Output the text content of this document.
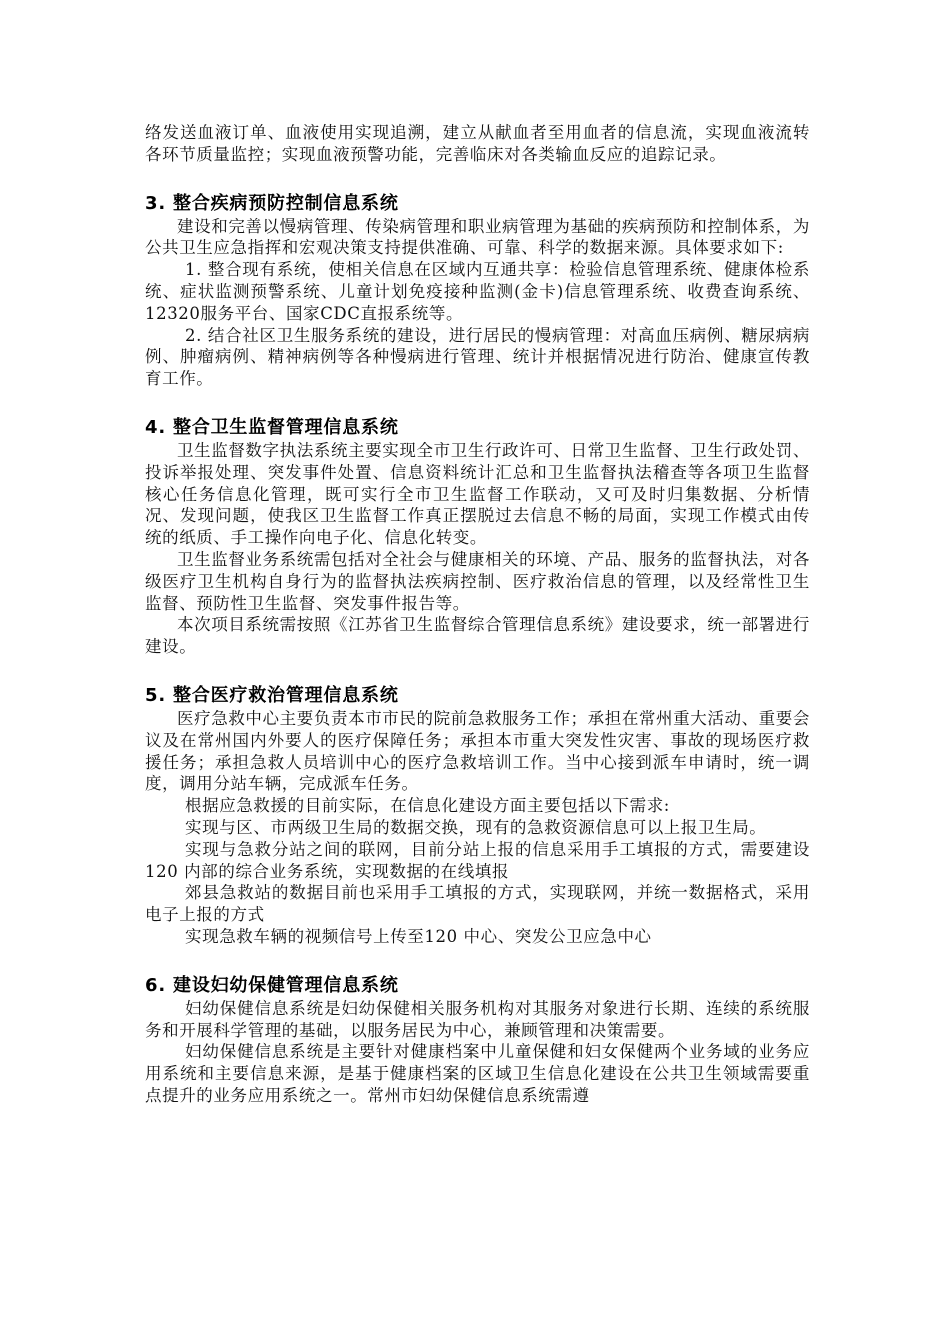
络发送血液订单、血液使用实现追溯，建立从献血者至用血者的信息流，实现血液流转各环节质量监控；实现血液预警功能，完善临床对各类输血反应的追踪记录。

3. 整合疾病预防控制信息系统

建设和完善以慢病管理、传染病管理和职业病管理为基础的疾病预防和控制体系，为公共卫生应急指挥和宏观决策支持提供准确、可靠、科学的数据来源。具体要求如下:

1. 整合现有系统，使相关信息在区域内互通共享：检验信息管理系统、健康体检系统、症状监测预警系统、儿童计划免疫接种监测(金卡)信息管理系统、收费查询系统、12320服务平台、国家CDC直报系统等。

2. 结合社区卫生服务系统的建设，进行居民的慢病管理：对高血压病例、糖尿病病例、肿瘤病例、精神病例等各种慢病进行管理、统计并根据情况进行防治、健康宣传教育工作。

4. 整合卫生监督管理信息系统

卫生监督数字执法系统主要实现全市卫生行政许可、日常卫生监督、卫生行政处罚、投诉举报处理、突发事件处置、信息资料统计汇总和卫生监督执法稽查等各项卫生监督核心任务信息化管理，既可实行全市卫生监督工作联动，又可及时归集数据、分析情况、发现问题，使我区卫生监督工作真正摆脱过去信息不畅的局面，实现工作模式由传统的纸质、手工操作向电子化、信息化转变。

卫生监督业务系统需包括对全社会与健康相关的环境、产品、服务的监督执法，对各级医疗卫生机构自身行为的监督执法疾病控制、医疗救治信息的管理，以及经常性卫生监督、预防性卫生监督、突发事件报告等。

本次项目系统需按照《江苏省卫生监督综合管理信息系统》建设要求，统一部署进行建设。

5. 整合医疗救治管理信息系统

医疗急救中心主要负责本市市民的院前急救服务工作；承担在常州重大活动、重要会议及在常州国内外要人的医疗保障任务；承担本市重大突发性灾害、事故的现场医疗救援任务；承担急救人员培训中心的医疗急救培训工作。当中心接到派车申请时，统一调度，调用分站车辆，完成派车任务。

根据应急救援的目前实际，在信息化建设方面主要包括以下需求:

实现与区、市两级卫生局的数据交换，现有的急救资源信息可以上报卫生局。

实现与急救分站之间的联网，目前分站上报的信息采用手工填报的方式，需要建设120 内部的综合业务系统，实现数据的在线填报

郊县急救站的数据目前也采用手工填报的方式，实现联网，并统一数据格式，采用电子上报的方式

实现急救车辆的视频信号上传至120 中心、突发公卫应急中心

6. 建设妇幼保健管理信息系统

妇幼保健信息系统是妇幼保健相关服务机构对其服务对象进行长期、连续的系统服务和开展科学管理的基础，以服务居民为中心，兼顾管理和决策需要。

妇幼保健信息系统是主要针对健康档案中儿童保健和妇女保健两个业务域的业务应用系统和主要信息来源，是基于健康档案的区域卫生信息化建设在公共卫生领域需要重点提升的业务应用系统之一。常州市妇幼保健信息系统需遵
